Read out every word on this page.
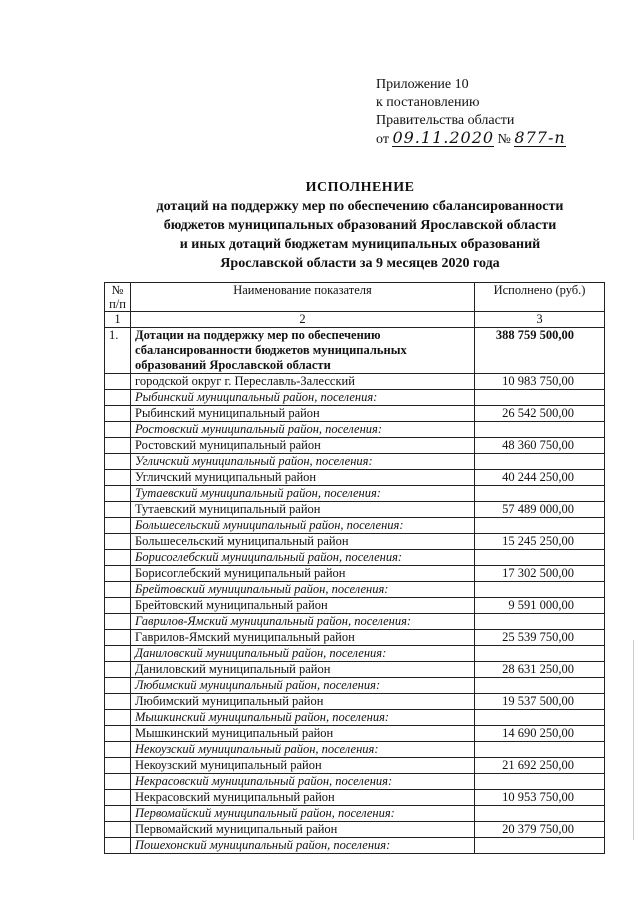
Приложение 10
к постановлению
Правительства области
от 09.11.2020 № 877-п
ИСПОЛНЕНИЕ
дотаций на поддержку мер по обеспечению сбалансированности
бюджетов муниципальных образований Ярославской области
и иных дотаций бюджетам муниципальных образований
Ярославской области за 9 месяцев 2020 года
№ п/п	Наименование показателя	Исполнено (руб.)
1	2	3
1.	Дотации на поддержку мер по обеспечению сбалансированности бюджетов муниципальных образований Ярославской области	388 759 500,00
	городской округ г. Переславль-Залесский	10 983 750,00
	Рыбинский муниципальный район, поселения:	
	Рыбинский муниципальный район	26 542 500,00
	Ростовский муниципальный район, поселения:	
	Ростовский муниципальный район	48 360 750,00
	Угличский муниципальный район, поселения:	
	Угличский муниципальный район	40 244 250,00
	Тутаевский муниципальный район, поселения:	
	Тутаевский муниципальный район	57 489 000,00
	Большесельский муниципальный район, поселения:	
	Большесельский муниципальный район	15 245 250,00
	Борисоглебский муниципальный район, поселения:	
	Борисоглебский муниципальный район	17 302 500,00
	Брейтовский муниципальный район, поселения:	
	Брейтовский муниципальный район	9 591 000,00
	Гаврилов-Ямский муниципальный район, поселения:	
	Гаврилов-Ямский муниципальный район	25 539 750,00
	Даниловский муниципальный район, поселения:	
	Даниловский муниципальный район	28 631 250,00
	Любимский муниципальный район, поселения:	
	Любимский муниципальный район	19 537 500,00
	Мышкинский муниципальный район, поселения:	
	Мышкинский муниципальный район	14 690 250,00
	Некоузский муниципальный район, поселения:	
	Некоузский муниципальный район	21 692 250,00
	Некрасовский муниципальный район, поселения:	
	Некрасовский муниципальный район	10 953 750,00
	Первомайский муниципальный район, поселения:	
	Первомайский муниципальный район	20 379 750,00
	Пошехонский муниципальный район, поселения:	
